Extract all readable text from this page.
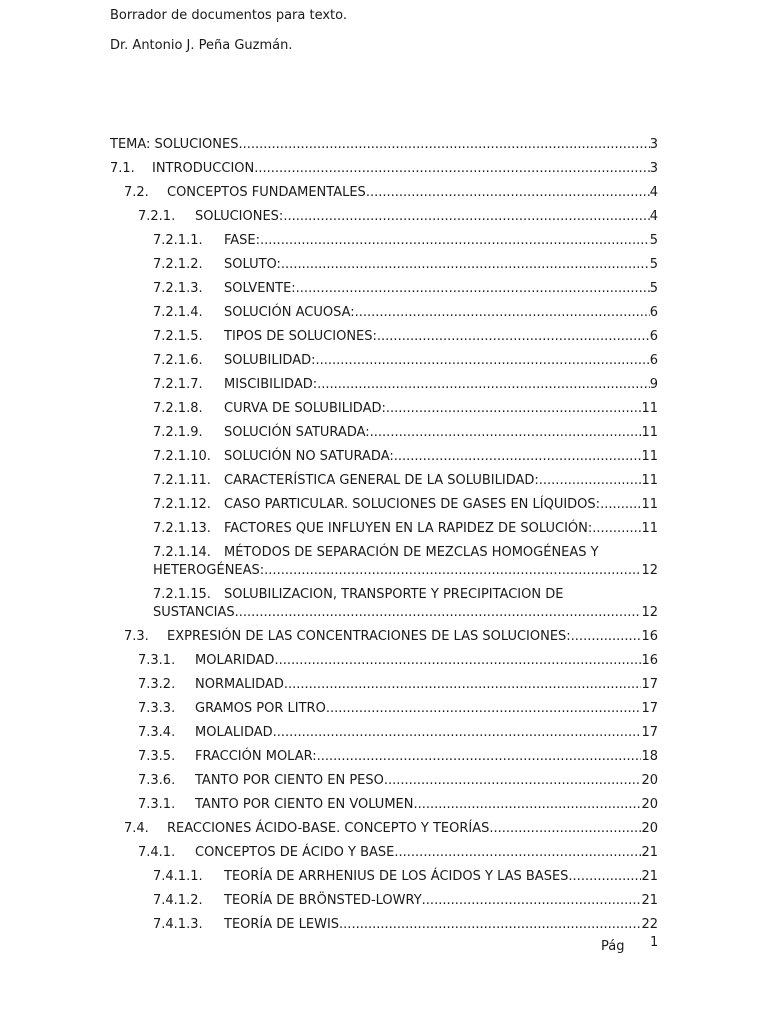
Borrador de documentos para texto.
Dr. Antonio J. Peña Guzmán.
TEMA: SOLUCIONES .....	3
7.1.	INTRODUCCION .....	3
7.2.	CONCEPTOS FUNDAMENTALES .....	4
7.2.1.	SOLUCIONES: .....	4
7.2.1.1.	FASE: .....	5
7.2.1.2.	SOLUTO: .....	5
7.2.1.3.	SOLVENTE: .....	5
7.2.1.4.	SOLUCIÓN ACUOSA: .....	6
7.2.1.5.	TIPOS DE SOLUCIONES: .....	6
7.2.1.6.	SOLUBILIDAD: .....	6
7.2.1.7.	MISCIBILIDAD: .....	9
7.2.1.8.	CURVA DE SOLUBILIDAD: .....	11
7.2.1.9.	SOLUCIÓN SATURADA: .....	11
7.2.1.10.	SOLUCIÓN NO SATURADA: .....	11
7.2.1.11.	CARACTERÍSTICA GENERAL DE LA SOLUBILIDAD: .....	11
7.2.1.12.	CASO PARTICULAR. SOLUCIONES DE GASES EN LÍQUIDOS: .....	11
7.2.1.13.	FACTORES QUE INFLUYEN EN LA RAPIDEZ DE SOLUCIÓN: .....	11
7.2.1.14. MÉTODOS DE SEPARACIÓN DE MEZCLAS HOMOGÉNEAS Y
HETEROGÉNEAS: .....	12
7.2.1.15. SOLUBILIZACION, TRANSPORTE Y PRECIPITACION DE
SUSTANCIAS .....	12
7.3.	EXPRESIÓN DE LAS CONCENTRACIONES DE LAS SOLUCIONES: .....	16
7.3.1.	MOLARIDAD .....	16
7.3.2.	NORMALIDAD .....	17
7.3.3.	GRAMOS POR LITRO .....	17
7.3.4.	MOLALIDAD .....	17
7.3.5.	FRACCIÓN MOLAR: .....	18
7.3.6.	TANTO POR CIENTO EN PESO .....	20
7.3.1.	TANTO POR CIENTO EN VOLUMEN .....	20
7.4.	REACCIONES ÁCIDO-BASE. CONCEPTO Y TEORÍAS .....	20
7.4.1.	CONCEPTOS DE ÁCIDO Y BASE .....	21
7.4.1.1.	TEORÍA DE ARRHENIUS DE LOS ÁCIDOS Y LAS BASES .....	21
7.4.1.2.	TEORÍA DE BRÖNSTED-LOWRY .....	21
7.4.1.3.	TEORÍA DE LEWIS .....	22
Pág 1
